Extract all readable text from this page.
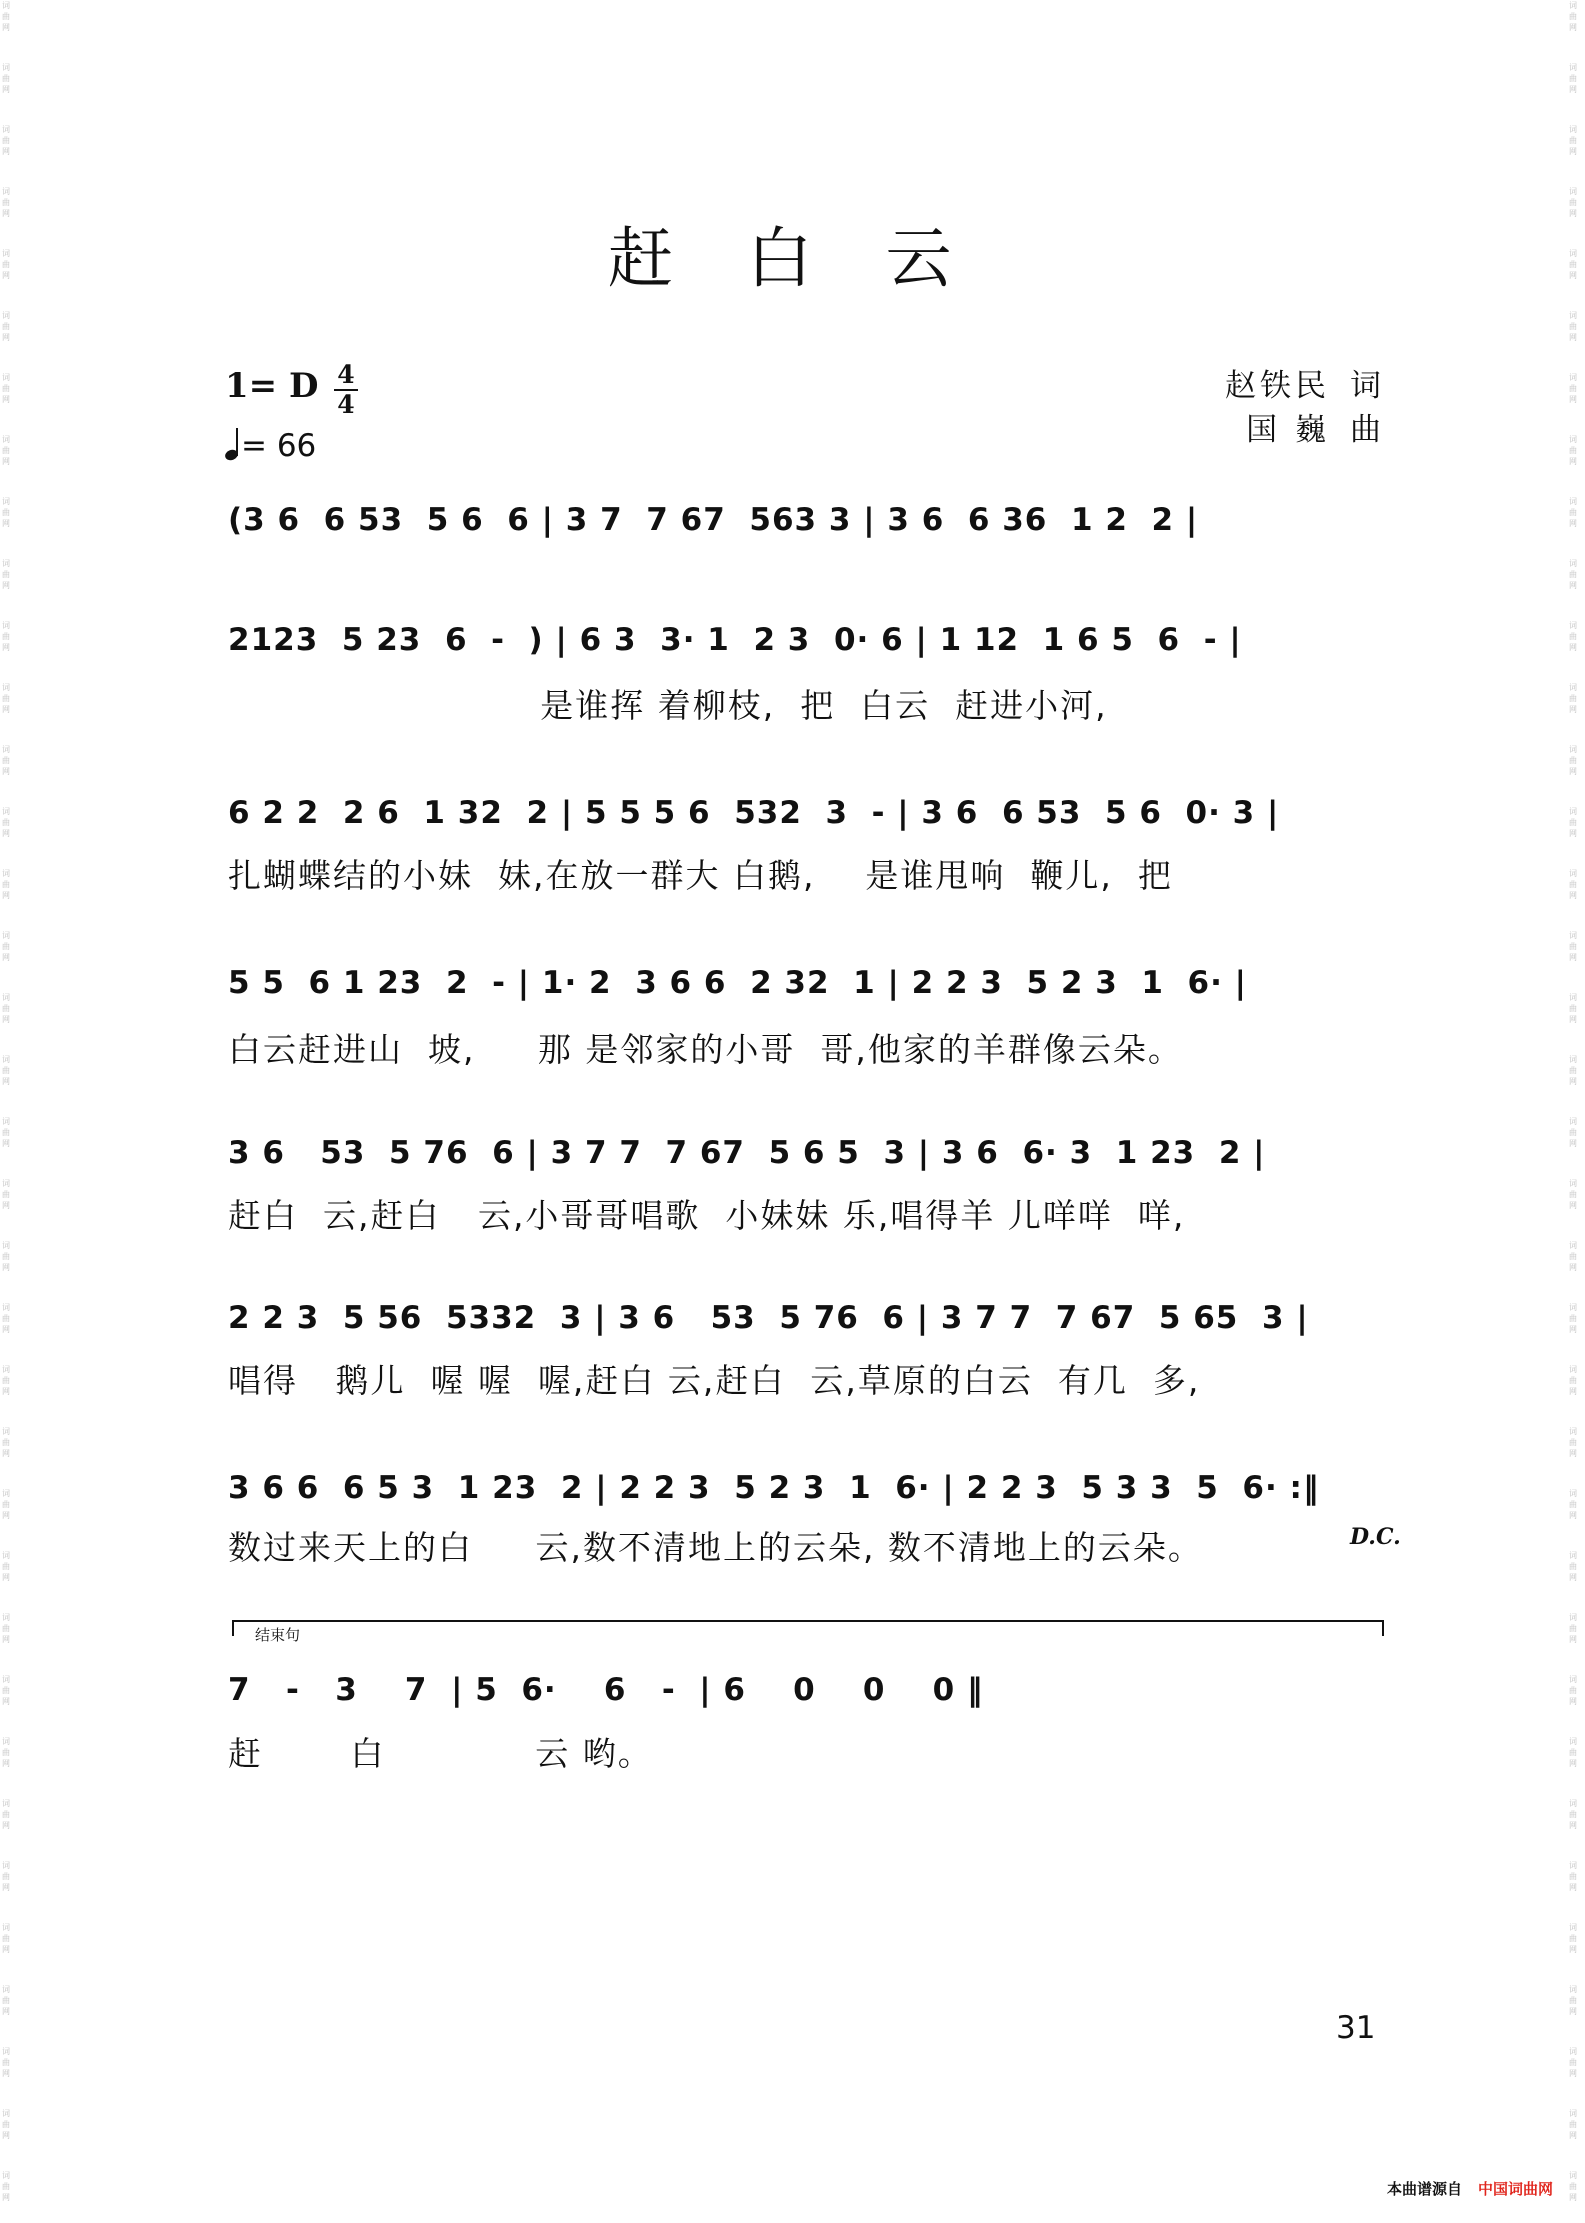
词曲网
词曲网
词曲网
词曲网
词曲网
词曲网
词曲网
词曲网
词曲网
词曲网
词曲网
词曲网
词曲网
词曲网
词曲网
词曲网
词曲网
词曲网
词曲网
词曲网
词曲网
词曲网
词曲网
词曲网
词曲网
词曲网
词曲网
词曲网
词曲网
词曲网
词曲网
词曲网
词曲网
词曲网
词曲网
词曲网
词曲网
词曲网
词曲网
词曲网
词曲网
词曲网
词曲网
词曲网
词曲网
词曲网
词曲网
词曲网
词曲网
词曲网
词曲网
词曲网
词曲网
词曲网
词曲网
词曲网
词曲网
词曲网
词曲网
词曲网
词曲网
词曲网
词曲网
词曲网
词曲网
词曲网
词曲网
词曲网
词曲网
词曲网
词曲网
词曲网
赶 白 云
1= D 4
4
= 66
赵铁民 词
国 巍 曲
(3 6  6 53  5 6  6 | 3 7  7 67  563 3 | 3 6  6 36  1 2  2 |
2123  5 23  6  -  ) | 6 3  3· 1  2 3  0· 6 | 1 12  1 6 5  6  - |
是谁挥 着柳枝,  把  白云  赶进小河,
6 2 2  2 6  1 32  2 | 5 5 5 6  532  3  - | 3 6  6 53  5 6  0· 3 |
扎蝴蝶结的小妹  妹,在放一群大 白鹅,    是谁甩响  鞭儿,  把
5 5  6 1 23  2  - | 1· 2  3 6 6  2 32  1 | 2 2 3  5 2 3  1  6· |
白云赶进山  坡,     那 是邻家的小哥  哥,他家的羊群像云朵。
3 6   53  5 76  6 | 3 7 7  7 67  5 6 5  3 | 3 6  6· 3  1 23  2 |
赶白  云,赶白   云,小哥哥唱歌  小妹妹 乐,唱得羊 儿咩咩  咩,
2 2 3  5 56  5332  3 | 3 6   53  5 76  6 | 3 7 7  7 67  5 65  3 |
唱得   鹅儿  喔 喔  喔,赶白 云,赶白  云,草原的白云  有几  多,
3 6 6  6 5 3  1 23  2 | 2 2 3  5 2 3  1  6· | 2 2 3  5 3 3  5  6· :‖
数过来天上的白     云,数不清地上的云朵, 数不清地上的云朵。	D.C.
结束句
7   -   3    7  | 5  6·    6   -  | 6    0    0    0 ‖
赶       白            云 哟。
31
本曲谱源自 中国词曲网
